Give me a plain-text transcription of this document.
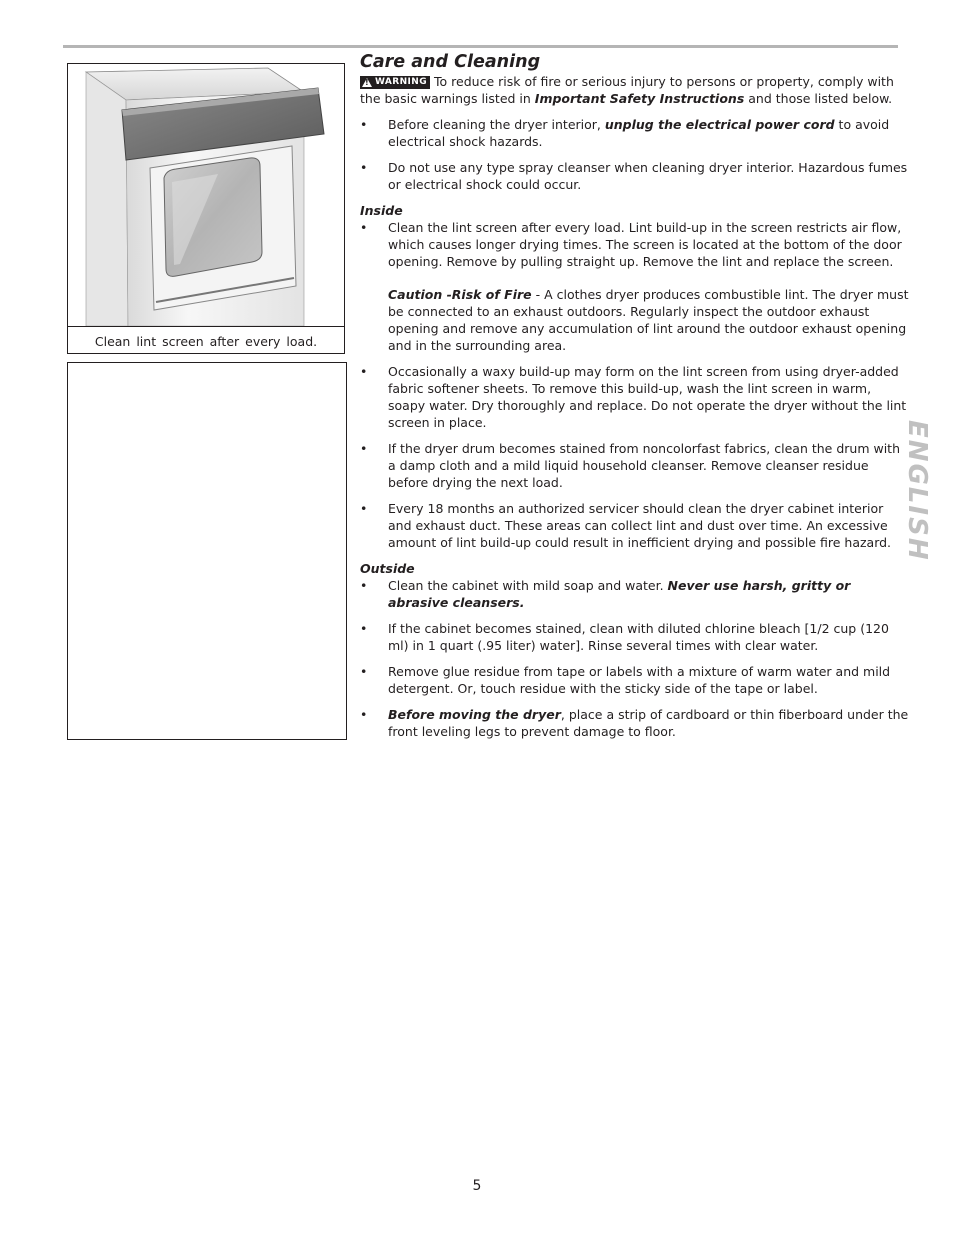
Clean lint screen after every load.
Care and Cleaning

!
WARNING To reduce risk of fire or serious injury to persons or property, comply with the basic warnings listed in Important Safety Instructions and those listed below.

• Before cleaning the dryer interior, unplug the electrical power cord to avoid electrical shock hazards.
• Do not use any type spray cleanser when cleaning dryer interior. Hazardous fumes or electrical shock could occur.

Inside

• Clean the lint screen after every load. Lint build-up in the screen restricts air flow, which causes longer drying times. The screen is located at the bottom of the door opening. Remove by pulling straight up. Remove the lint and replace the screen.

Caution -Risk of Fire - A clothes dryer produces combustible lint. The dryer must be connected to an exhaust outdoors. Regularly inspect the outdoor exhaust opening and remove any accumulation of lint around the outdoor exhaust opening and in the surrounding area.

• Occasionally a waxy build-up may form on the lint screen from using dryer-added fabric softener sheets. To remove this build-up, wash the lint screen in warm, soapy water. Dry thoroughly and replace. Do not operate the dryer without the lint screen in place.
• If the dryer drum becomes stained from noncolorfast fabrics, clean the drum with a damp cloth and a mild liquid household cleanser. Remove cleanser residue before drying the next load.
• Every 18 months an authorized servicer should clean the dryer cabinet interior and exhaust duct. These areas can collect lint and dust over time. An excessive amount of lint build-up could result in inefficient drying and possible fire hazard.

Outside

• Clean the cabinet with mild soap and water. Never use harsh, gritty or abrasive cleansers.
• If the cabinet becomes stained, clean with diluted chlorine bleach [1/2 cup (120 ml) in 1 quart (.95 liter) water]. Rinse several times with clear water.
• Remove glue residue from tape or labels with a mixture of warm water and mild detergent. Or, touch residue with the sticky side of the tape or label.
• Before moving the dryer, place a strip of cardboard or thin fiberboard under the front leveling legs to prevent damage to floor.
ENGLISH
5
